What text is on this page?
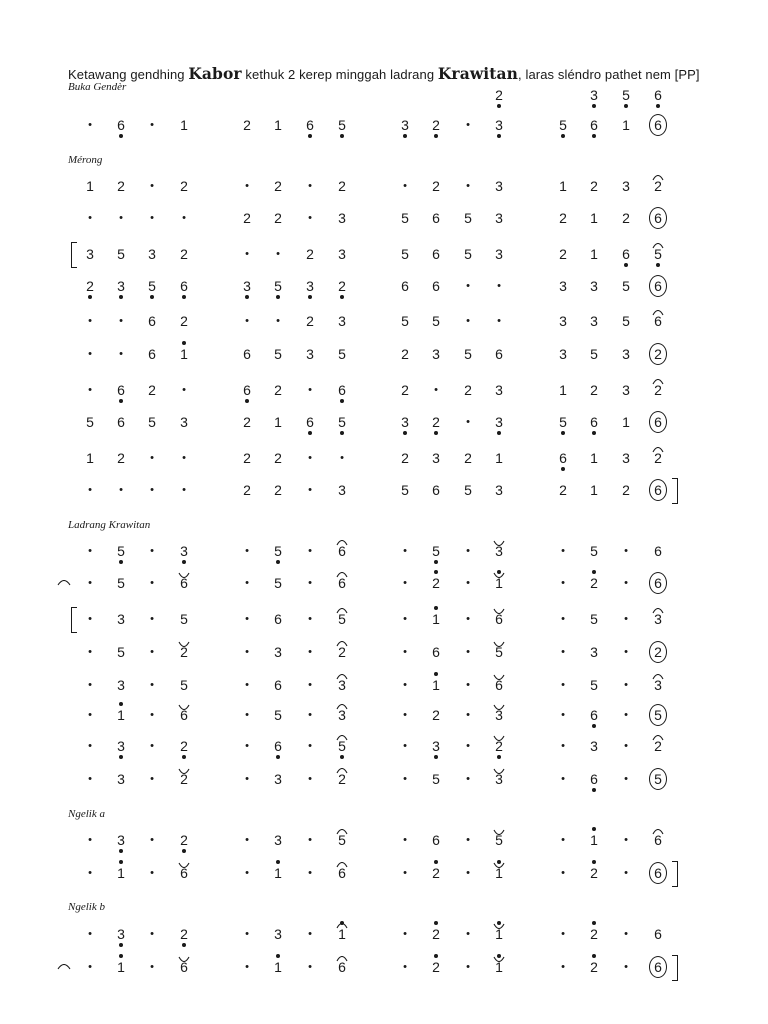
Ketawang gendhing Kabor kethuk 2 kerep minggah ladrang Krawitan, laras sléndro pathet nem [PP]
Buka Gendèr
Mérong
Ladrang Krawitan
Ngelik a
Ngelik b
2	3	5	6
•	6	•	1	2	1	6	5	3	2	•	3	5	6	1	6
1	2	•	2	•	2	•	2	•	2	•	3	1	2	3	2
•	•	•	•	2	2	•	3	5	6	5	3	2	1	2	6
3	5	3	2	•	•	2	3	5	6	5	3	2	1	6	5
2	3	5	6	3	5	3	2	6	6	•	•	3	3	5	6
•	•	6	2	•	•	2	3	5	5	•	•	3	3	5	6
•	•	6	1	6	5	3	5	2	3	5	6	3	5	3	2
•	6	2	•	6	2	•	6	2	•	2	3	1	2	3	2
5	6	5	3	2	1	6	5	3	2	•	3	5	6	1	6
1	2	•	•	2	2	•	•	2	3	2	1	6	1	3	2
•	•	•	•	2	2	•	3	5	6	5	3	2	1	2	6
•	5	•	3	•	5	•	6	•	5	•	3	•	5	•	6
•	5	•	6	•	5	•	6	•	2	•	1	•	2	•	6
•	3	•	5	•	6	•	5	•	1	•	6	•	5	•	3
•	5	•	2	•	3	•	2	•	6	•	5	•	3	•	2
•	3	•	5	•	6	•	3	•	1	•	6	•	5	•	3
•	1	•	6	•	5	•	3	•	2	•	3	•	6	•	5
•	3	•	2	•	6	•	5	•	3	•	2	•	3	•	2
•	3	•	2	•	3	•	2	•	5	•	3	•	6	•	5
•	3	•	2	•	3	•	5	•	6	•	5	•	1	•	6
•	1	•	6	•	1	•	6	•	2	•	1	•	2	•	6
•	3	•	2	•	3	•	1	•	2	•	1	•	2	•	6
•	1	•	6	•	1	•	6	•	2	•	1	•	2	•	6
